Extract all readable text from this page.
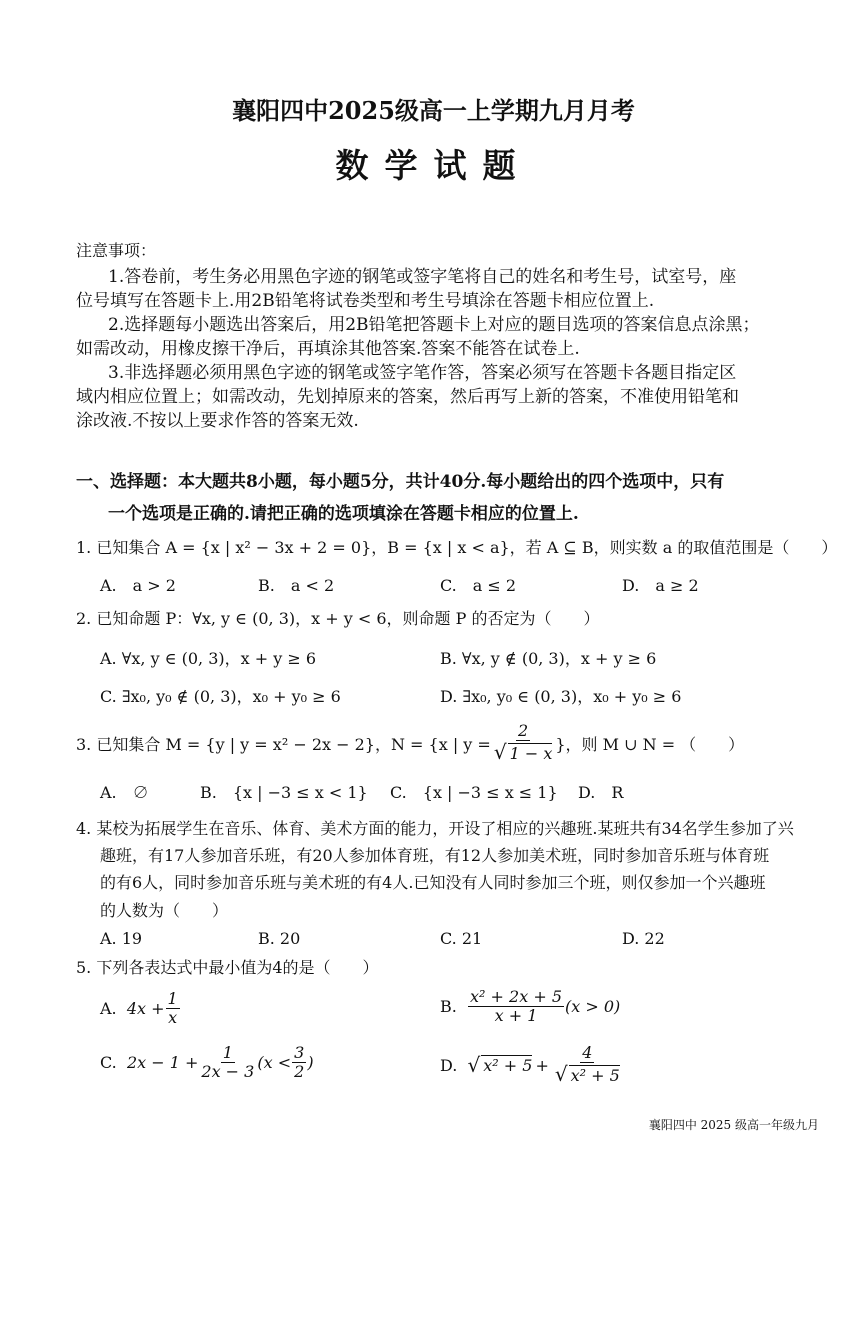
襄阳四中2025级高一上学期九月月考
数学试题
注意事项：
1.答卷前，考生务必用黑色字迹的钢笔或签字笔将自己的姓名和考生号，试室号，座
位号填写在答题卡上.用2B铅笔将试卷类型和考生号填涂在答题卡相应位置上.
2.选择题每小题选出答案后，用2B铅笔把答题卡上对应的题目选项的答案信息点涂黑；
如需改动，用橡皮擦干净后，再填涂其他答案.答案不能答在试卷上.
3.非选择题必须用黑色字迹的钢笔或签字笔作答，答案必须写在答题卡各题目指定区
域内相应位置上；如需改动，先划掉原来的答案，然后再写上新的答案，不准使用铅笔和
涂改液.不按以上要求作答的答案无效.
一、选择题：本大题共8小题，每小题5分，共计40分.每小题给出的四个选项中，只有
一个选项是正确的.请把正确的选项填涂在答题卡相应的位置上.
1. 已知集合 A = {x | x² − 3x + 2 = 0}，B = {x | x < a}，若 A ⊆ B，则实数 a 的取值范围是（　　）
A.　a > 2	B.　a < 2	C.　a ≤ 2	D.　a ≥ 2
2. 已知命题 P：∀x, y ∈ (0, 3)，x + y < 6，则命题 P 的否定为（　　）
A. ∀x, y ∈ (0, 3)，x + y ≥ 6	B. ∀x, y ∉ (0, 3)，x + y ≥ 6
C. ∃x₀, y₀ ∉ (0, 3)，x₀ + y₀ ≥ 6	D. ∃x₀, y₀ ∈ (0, 3)，x₀ + y₀ ≥ 6
3. 已知集合 M = {y | y = x² − 2x − 2}，N = {x | $y = \frac{2}{√ 1 - x}$ }，则 M ∪ N = （　　）
A.　∅	B.　{x | −3 ≤ x < 1} C.　{x | −3 ≤ x ≤ 1} D.　R
4. 某校为拓展学生在音乐、体育、美术方面的能力，开设了相应的兴趣班.某班共有34名学生参加了兴
趣班，有17人参加音乐班，有20人参加体育班，有12人参加美术班，同时参加音乐班与体育班
的有6人，同时参加音乐班与美术班的有4人.已知没有人同时参加三个班，则仅参加一个兴趣班
的人数为（　　）
A. 19	B. 20	C. 21	D. 22
5. 下列各表达式中最小值为4的是（　　）
A.
$4x + \frac{1}{x}$	B.
$\frac{\text{x² + 2x + 5}}{x + 1} (x > 0)$
C.
$2x - 1 + \frac{1}{2x - 3} (x < \frac{3}{2}$ )	D.
√ $x^2 + 5 + \frac{4}{\text{√ x² + 5}}$
襄阳四中 2025 级高一年级九月
